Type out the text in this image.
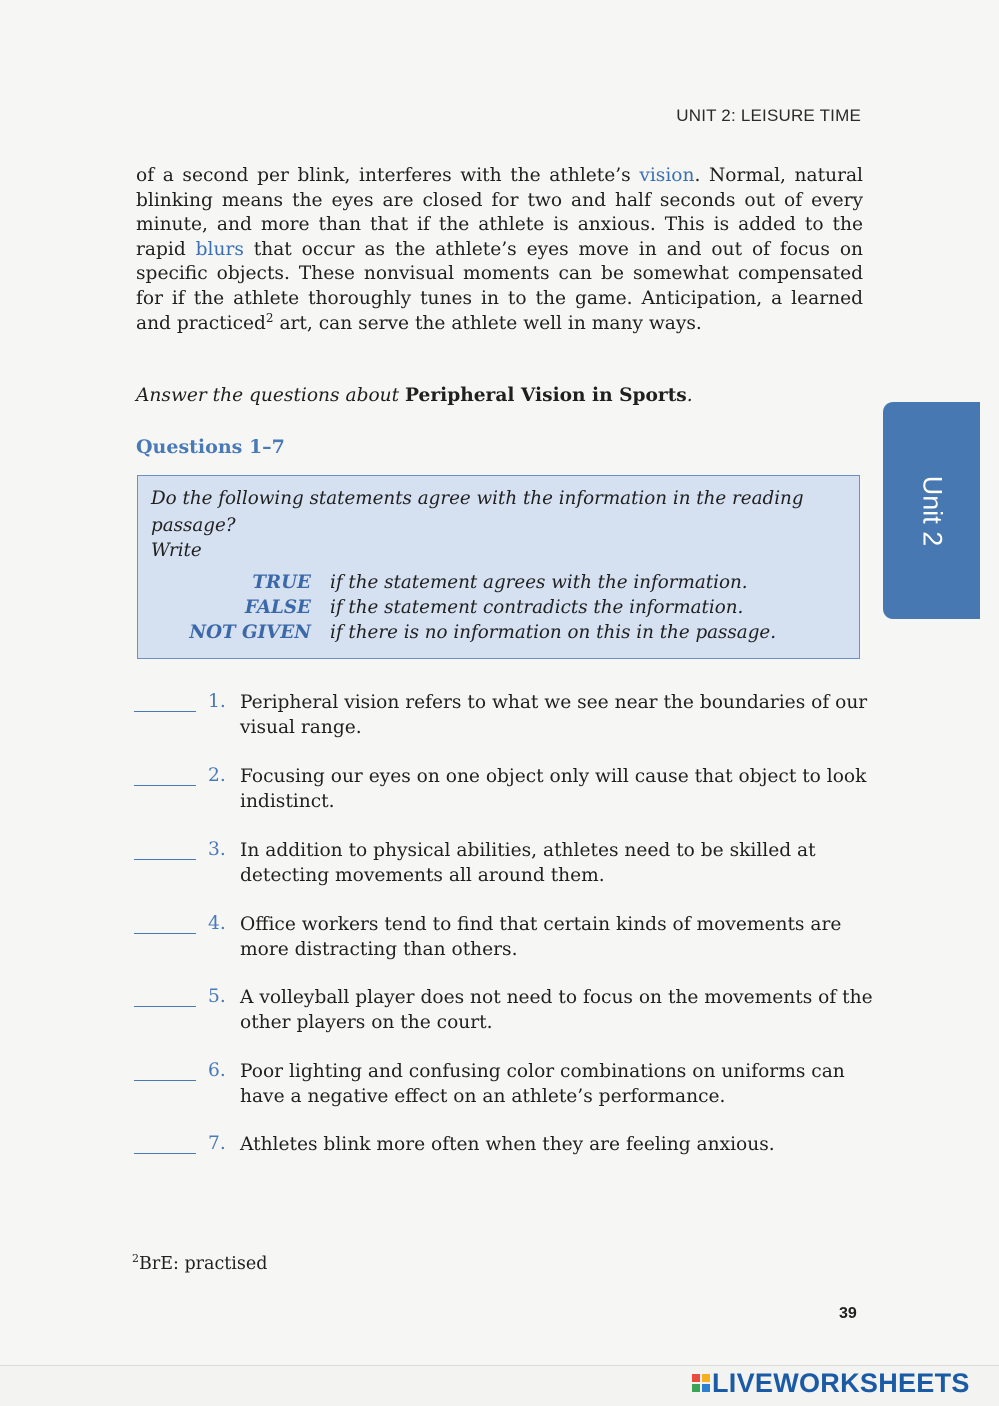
UNIT 2: LEISURE TIME
of a second per blink, interferes with the athlete’s vision. Normal, natural blinking means the eyes are closed for two and half seconds out of every minute, and more than that if the athlete is anxious. This is added to the rapid blurs that occur as the athlete’s eyes move in and out of focus on specific objects. These nonvisual moments can be somewhat compensated for if the athlete thoroughly tunes in to the game. Anticipation, a learned and practiced$^2$ art, can serve the athlete well in many ways.
Answer the questions about Peripheral Vision in Sports.
Questions 1–7
Unit 2
Do the following statements agree with the information in the reading passage?
Write
TRUE if the statement agrees with the information.
FALSE if the statement contradicts the information.
NOT GIVEN if there is no information on this in the passage.
1. Peripheral vision refers to what we see near the boundaries of our visual range.
2. Focusing our eyes on one object only will cause that object to look indistinct.
3. In addition to physical abilities, athletes need to be skilled at detecting movements all around them.
4. Office workers tend to find that certain kinds of movements are more distracting than others.
5. A volleyball player does not need to focus on the movements of the other players on the court.
6. Poor lighting and confusing color combinations on uniforms can have a negative effect on an athlete’s performance.
7. Athletes blink more often when they are feeling anxious.
$^2$BrE: practised
39
LIVEWORKSHEETS
